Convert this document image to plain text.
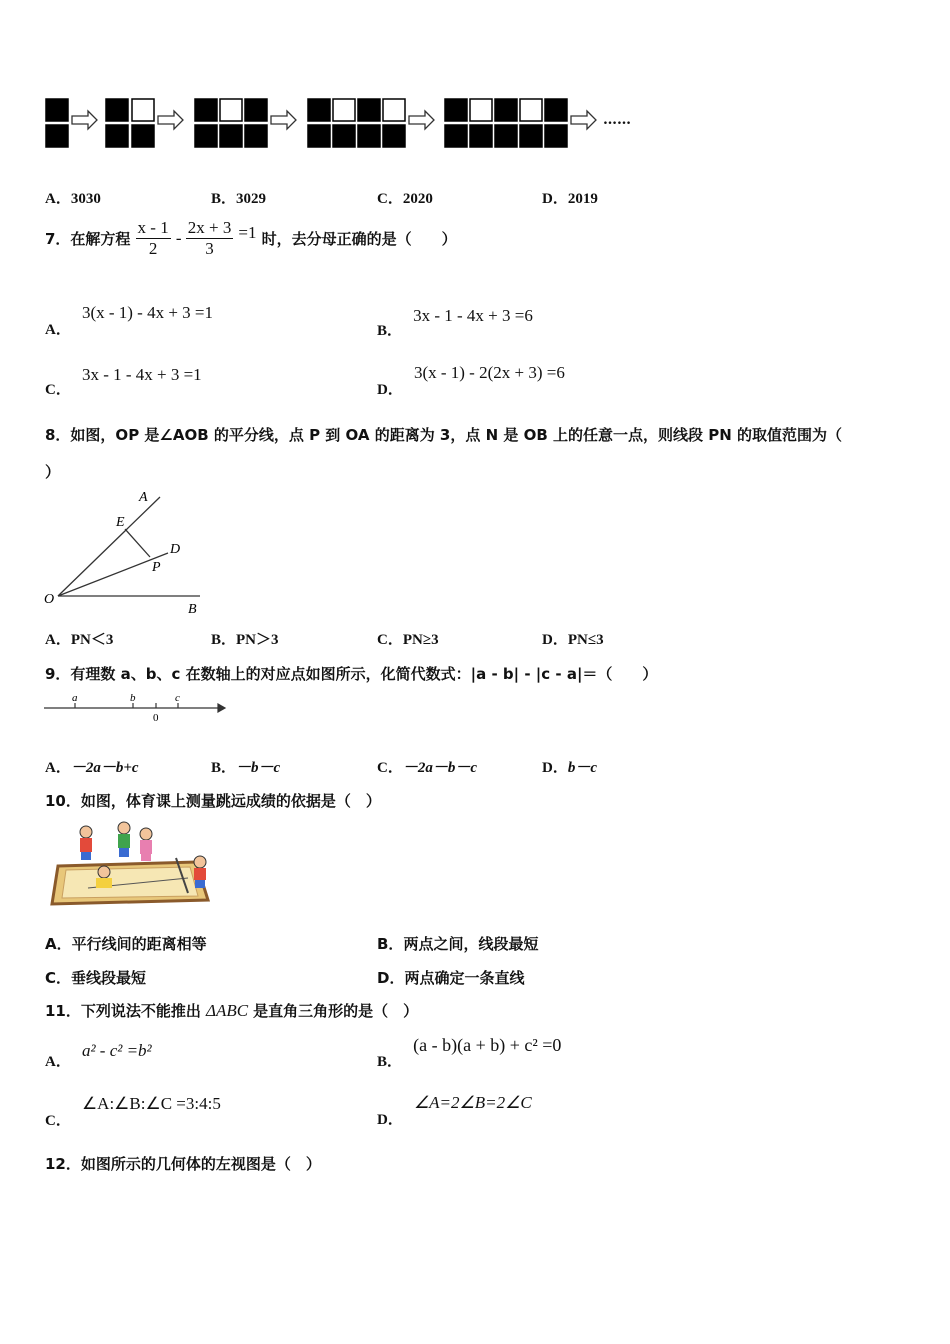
……
A．3030	B．3029	C．2020	D．2019
7．在解方程 $\frac{x - 1}{2} - \frac{2x + 3}{3} =1$ 时，去分母正确的是（　　）
A． 3(x - 1) - 4x + 3 =1
B． 3x - 1 - 4x + 3 =6
C． 3x - 1 - 4x + 3 =1
D． 3(x - 1) - 2(2x + 3) =6
8．如图，OP 是∠AOB 的平分线，点 P 到 OA 的距离为 3，点 N 是 OB 上的任意一点，则线段 PN 的取值范围为（
）
A
E
D
P
O
B
A．PN＜3	B．PN＞3	C．PN≥3	D．PN≤3
9．有理数 a、b、c 在数轴上的对应点如图所示，化简代数式：|a - b| - |c - a|＝（　　）
a	b	c
0
A．－2a－b+c	B．－b－c	C．－2a－b－c	D．b－c
10．如图，体育课上测量跳远成绩的依据是（　）
A．平行线间的距离相等	B．两点之间，线段最短
C．垂线段最短	D．两点确定一条直线
11．下列说法不能推出 ΔABC 是直角三角形的是（　）
A． a² - c² =b²
B． (a - b)(a + b) + c² =0
C． ∠A:∠B:∠C =3:4:5
D． ∠A=2∠B=2∠C
12．如图所示的几何体的左视图是（　）
